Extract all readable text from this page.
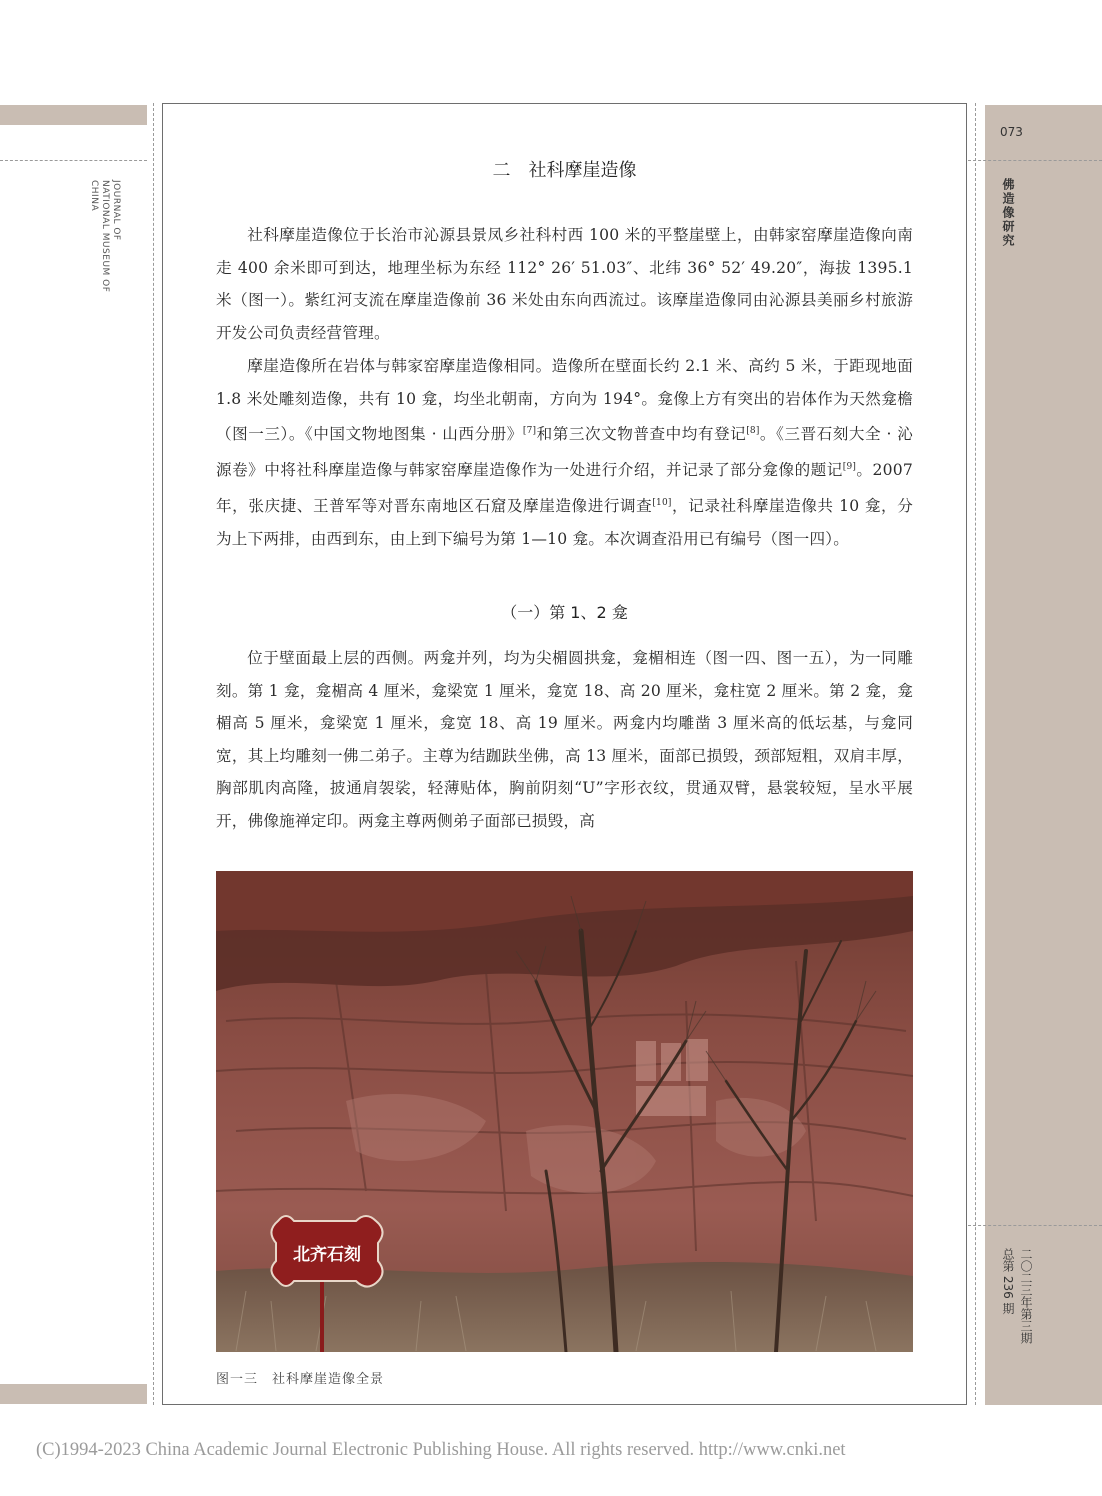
JOURNAL OF
NATIONAL MUSEUM OF
CHINA
073
佛造像研究
二〇二三年第三期
总第 236 期
二　社科摩崖造像

社科摩崖造像位于长治市沁源县景凤乡社科村西 100 米的平整崖壁上，由韩家窑摩崖造像向南走 400 余米即可到达，地理坐标为东经 112° 26′ 51.03″、北纬 36° 52′ 49.20″，海拔 1395.1 米（图一）。紫红河支流在摩崖造像前 36 米处由东向西流过。该摩崖造像同由沁源县美丽乡村旅游开发公司负责经营管理。

摩崖造像所在岩体与韩家窑摩崖造像相同。造像所在壁面长约 2.1 米、高约 5 米，于距现地面 1.8 米处雕刻造像，共有 10 龛，均坐北朝南，方向为 194°。龛像上方有突出的岩体作为天然龛檐（图一三）。《中国文物地图集 · 山西分册》[7]和第三次文物普查中均有登记[8]。《三晋石刻大全 · 沁源卷》中将社科摩崖造像与韩家窑摩崖造像作为一处进行介绍，并记录了部分龛像的题记[9]。2007 年，张庆捷、王普军等对晋东南地区石窟及摩崖造像进行调查[10]，记录社科摩崖造像共 10 龛，分为上下两排，由西到东，由上到下编号为第 1—10 龛。本次调查沿用已有编号（图一四）。

（一）第 1、2 龛

位于壁面最上层的西侧。两龛并列，均为尖楣圆拱龛，龛楣相连（图一四、图一五），为一同雕刻。第 1 龛，龛楣高 4 厘米，龛梁宽 1 厘米，龛宽 18、高 20 厘米，龛柱宽 2 厘米。第 2 龛，龛楣高 5 厘米，龛梁宽 1 厘米，龛宽 18、高 19 厘米。两龛内均雕凿 3 厘米高的低坛基，与龛同宽，其上均雕刻一佛二弟子。主尊为结跏趺坐佛，高 13 厘米，面部已损毁，颈部短粗，双肩丰厚，胸部肌肉高隆，披通肩袈裟，轻薄贴体，胸前阴刻“U”字形衣纹，贯通双臂，悬裳较短，呈水平展开，佛像施禅定印。两龛主尊两侧弟子面部已损毁，高

北齐石刻
图一三　社科摩崖造像全景
(C)1994-2023 China Academic Journal Electronic Publishing House. All rights reserved. http://www.cnki.net
